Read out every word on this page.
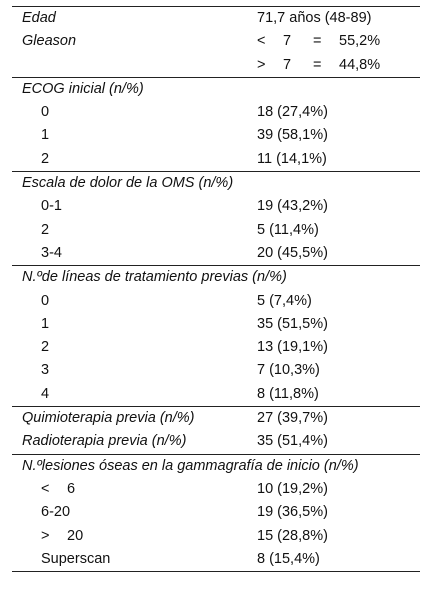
Edad	71,7 años (48-89)
Gleason	< 7 = 55,2%
> 7 = 44,8%
ECOG inicial (n/%)
0	18 (27,4%)
1	39 (58,1%)
2	11 (14,1%)
Escala de dolor de la OMS (n/%)
0-1	19 (43,2%)
2	5 (11,4%)
3-4	20 (45,5%)
N.ºde líneas de tratamiento previas (n/%)
0	5 (7,4%)
1	35 (51,5%)
2	13 (19,1%)
3	7 (10,3%)
4	8 (11,8%)
Quimioterapia previa (n/%)	27 (39,7%)
Radioterapia previa (n/%)	35 (51,4%)
N.ºlesiones óseas en la gammagrafía de inicio (n/%)
< 6	10 (19,2%)
6-20	19 (36,5%)
> 20	15 (28,8%)
Superscan	8 (15,4%)
